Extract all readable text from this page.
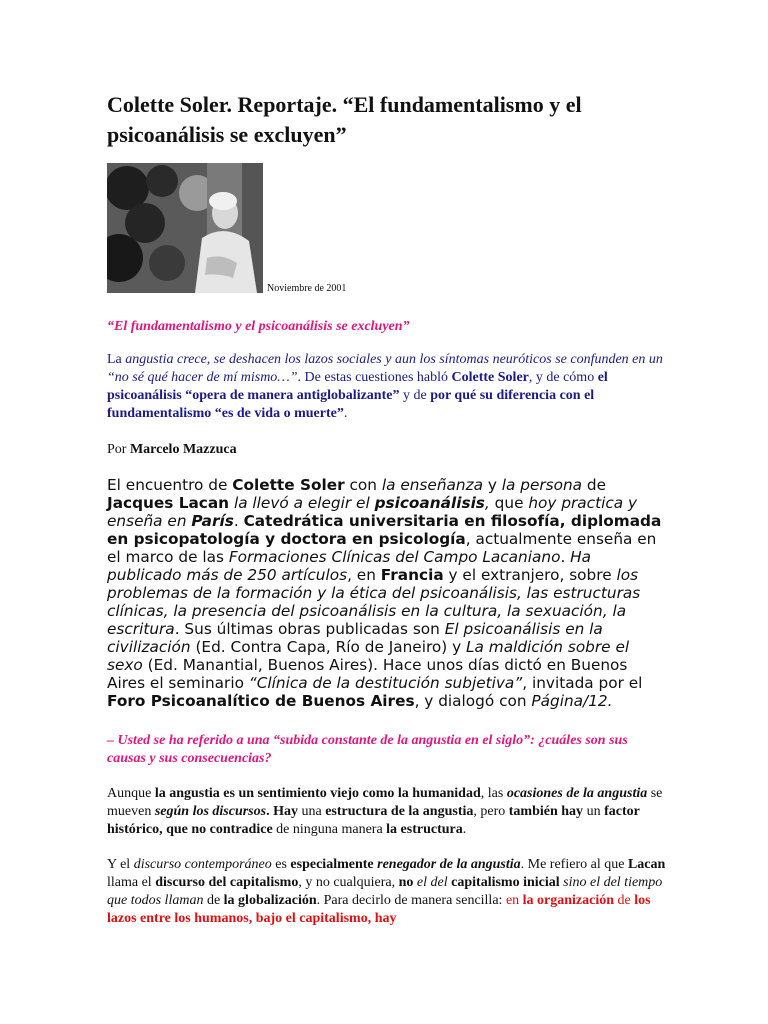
Colette Soler. Reportaje. “El fundamentalismo y el psicoanálisis se excluyen”
Noviembre de 2001

“El fundamentalismo y el psicoanálisis se excluyen”

La angustia crece, se deshacen los lazos sociales y aun los síntomas neuróticos se confunden en un “no sé qué hacer de mí mismo…”. De estas cuestiones habló Colette Soler, y de cómo el psicoanálisis “opera de manera antiglobalizante” y de por qué su diferencia con el fundamentalismo “es de vida o muerte”.

Por Marcelo Mazzuca

El encuentro de Colette Soler con la enseñanza y la persona de Jacques Lacan la llevó a elegir el psicoanálisis, que hoy practica y enseña en París. Catedrática universitaria en filosofía, diplomada en psicopatología y doctora en psicología, actualmente enseña en el marco de las Formaciones Clínicas del Campo Lacaniano. Ha publicado más de 250 artículos, en Francia y el extranjero, sobre los problemas de la formación y la ética del psicoanálisis, las estructuras clínicas, la presencia del psicoanálisis en la cultura, la sexuación, la escritura. Sus últimas obras publicadas son El psicoanálisis en la civilización (Ed. Contra Capa, Río de Janeiro) y La maldición sobre el sexo (Ed. Manantial, Buenos Aires). Hace unos días dictó en Buenos Aires el seminario “Clínica de la destitución subjetiva”, invitada por el Foro Psicoanalítico de Buenos Aires, y dialogó con Página/12.

– Usted se ha referido a una “subida constante de la angustia en el siglo”: ¿cuáles son sus causas y sus consecuencias?

Aunque la angustia es un sentimiento viejo como la humanidad, las ocasiones de la angustia se mueven según los discursos. Hay una estructura de la angustia, pero también hay un factor histórico, que no contradice de ninguna manera la estructura.

Y el discurso contemporáneo es especialmente renegador de la angustia. Me refiero al que Lacan llama el discurso del capitalismo, y no cualquiera, no el del capitalismo inicial sino el del tiempo que todos llaman de la globalización. Para decirlo de manera sencilla: en la organización de los lazos entre los humanos, bajo el capitalismo, hay
